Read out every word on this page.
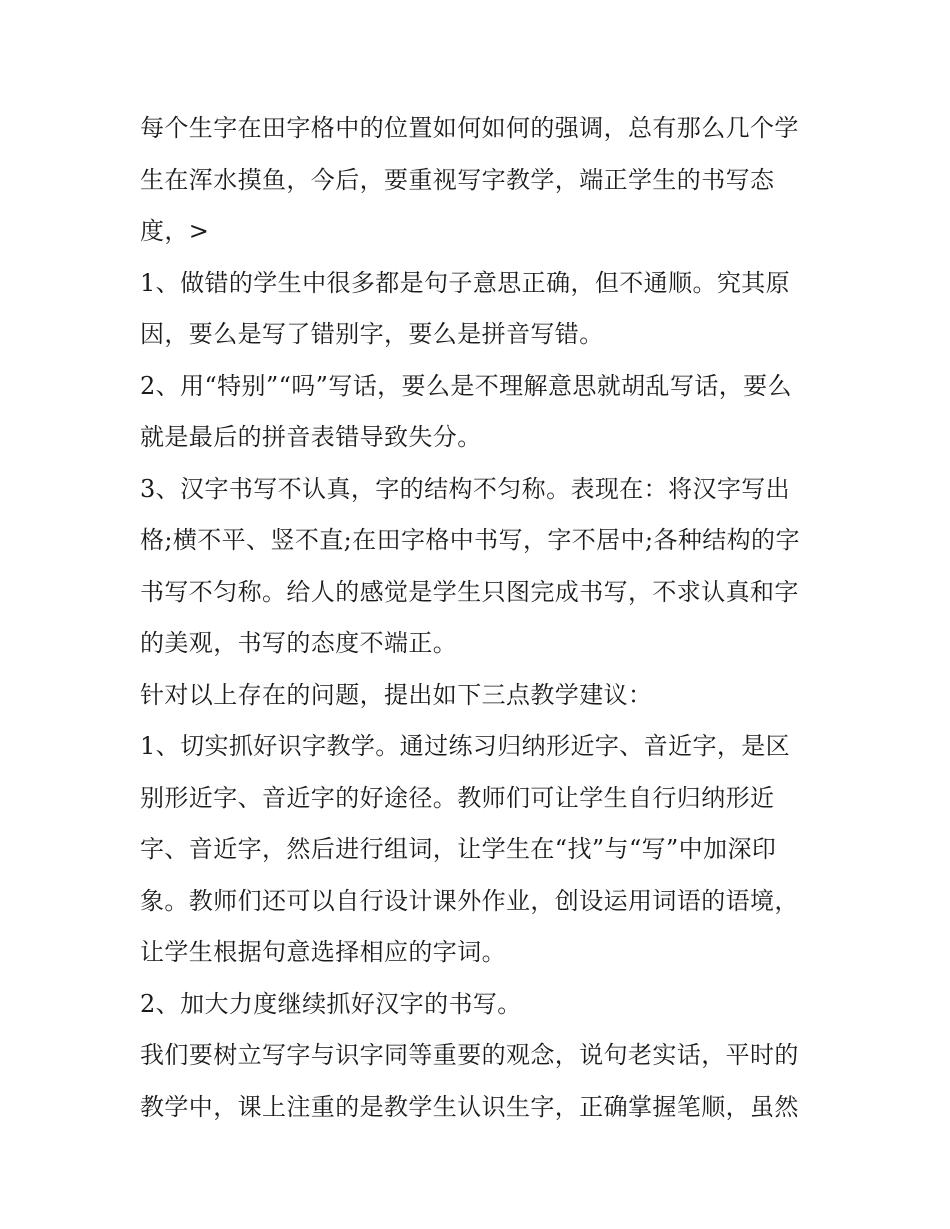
每个生字在田字格中的位置如何如何的强调，总有那么几个学
生在浑水摸鱼，今后，要重视写字教学，端正学生的书写态
度，>

1、做错的学生中很多都是句子意思正确，但不通顺。究其原
因，要么是写了错别字，要么是拼音写错。

2、用“特别”“吗”写话，要么是不理解意思就胡乱写话，要么
就是最后的拼音表错导致失分。

3、汉字书写不认真，字的结构不匀称。表现在：将汉字写出
格;横不平、竖不直;在田字格中书写，字不居中;各种结构的字
书写不匀称。给人的感觉是学生只图完成书写，不求认真和字
的美观，书写的态度不端正。

针对以上存在的问题，提出如下三点教学建议：

1、切实抓好识字教学。通过练习归纳形近字、音近字，是区
别形近字、音近字的好途径。教师们可让学生自行归纳形近
字、音近字，然后进行组词，让学生在“找”与“写”中加深印
象。教师们还可以自行设计课外作业，创设运用词语的语境，
让学生根据句意选择相应的字词。

2、加大力度继续抓好汉字的书写。

我们要树立写字与识字同等重要的观念，说句老实话，平时的
教学中，课上注重的是教学生认识生字，正确掌握笔顺，虽然
